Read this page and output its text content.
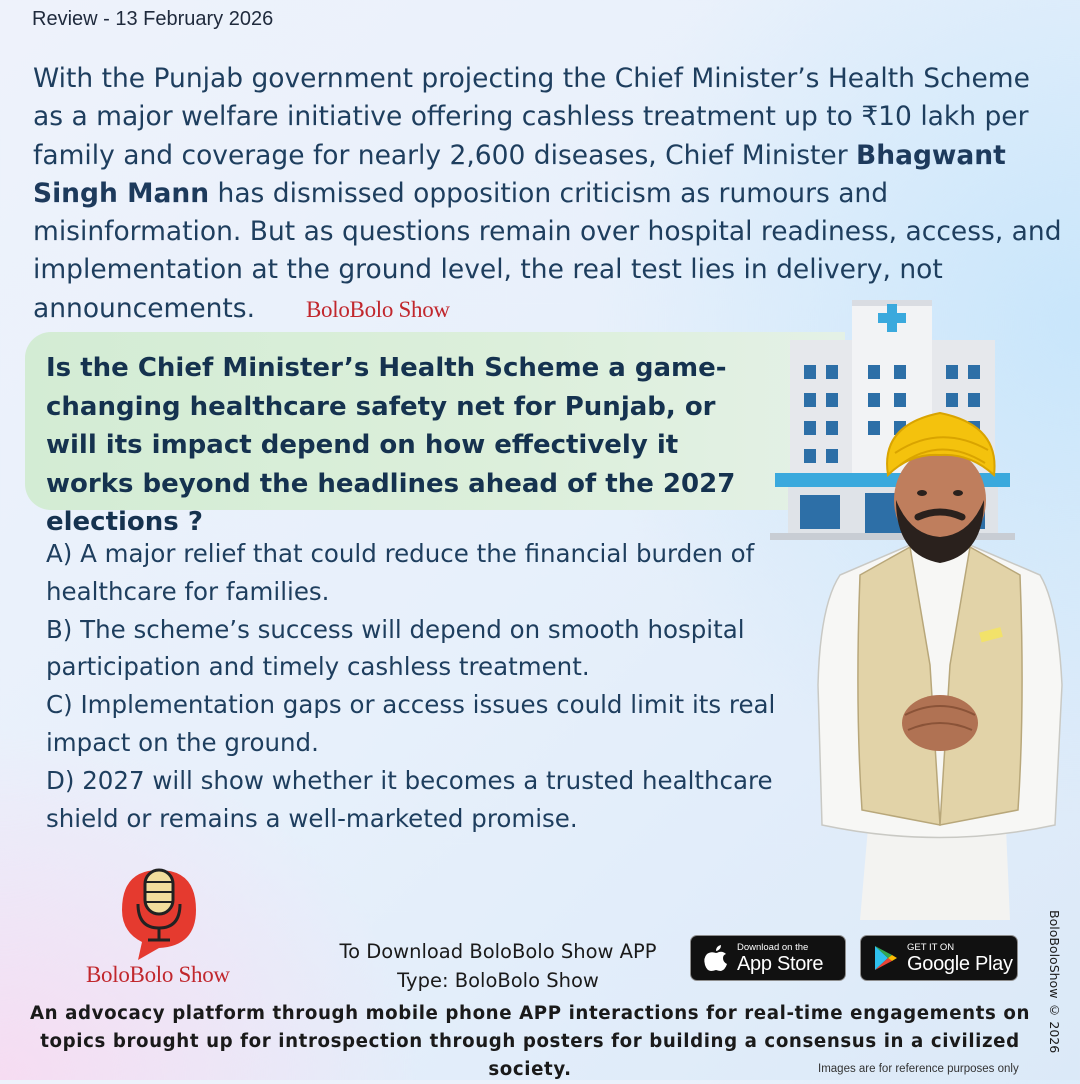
Review - 13 February 2026

With the Punjab government projecting the Chief Minister’s Health Scheme as a major welfare initiative offering cashless treatment up to ₹10 lakh per family and coverage for nearly 2,600 diseases, Chief Minister Bhagwant Singh Mann has dismissed opposition criticism as rumours and misinformation. But as questions remain over hospital readiness, access, and implementation at the ground level, the real test lies in delivery, not announcements.	BoloBolo Show

Is the Chief Minister’s Health Scheme a game-changing healthcare safety net for Punjab, or will its impact depend on how effectively it works beyond the headlines ahead of the 2027 elections ?

A) A major relief that could reduce the financial burden of healthcare for families.
B) The scheme’s success will depend on smooth hospital participation and timely cashless treatment.
C) Implementation gaps or access issues could limit its real impact on the ground.
D) 2027 will show whether it becomes a trusted healthcare shield or remains a well-marketed promise.
BoloBolo Show
To Download BoloBolo Show APP
Type: BoloBolo Show
Download on the
App Store
GET IT ON
Google Play
An advocacy platform through mobile phone APP interactions for real-time engagements on topics brought up for introspection through posters for building a consensus in a civilized society.
BoloBoloShow © 2026
Images are for reference purposes only
